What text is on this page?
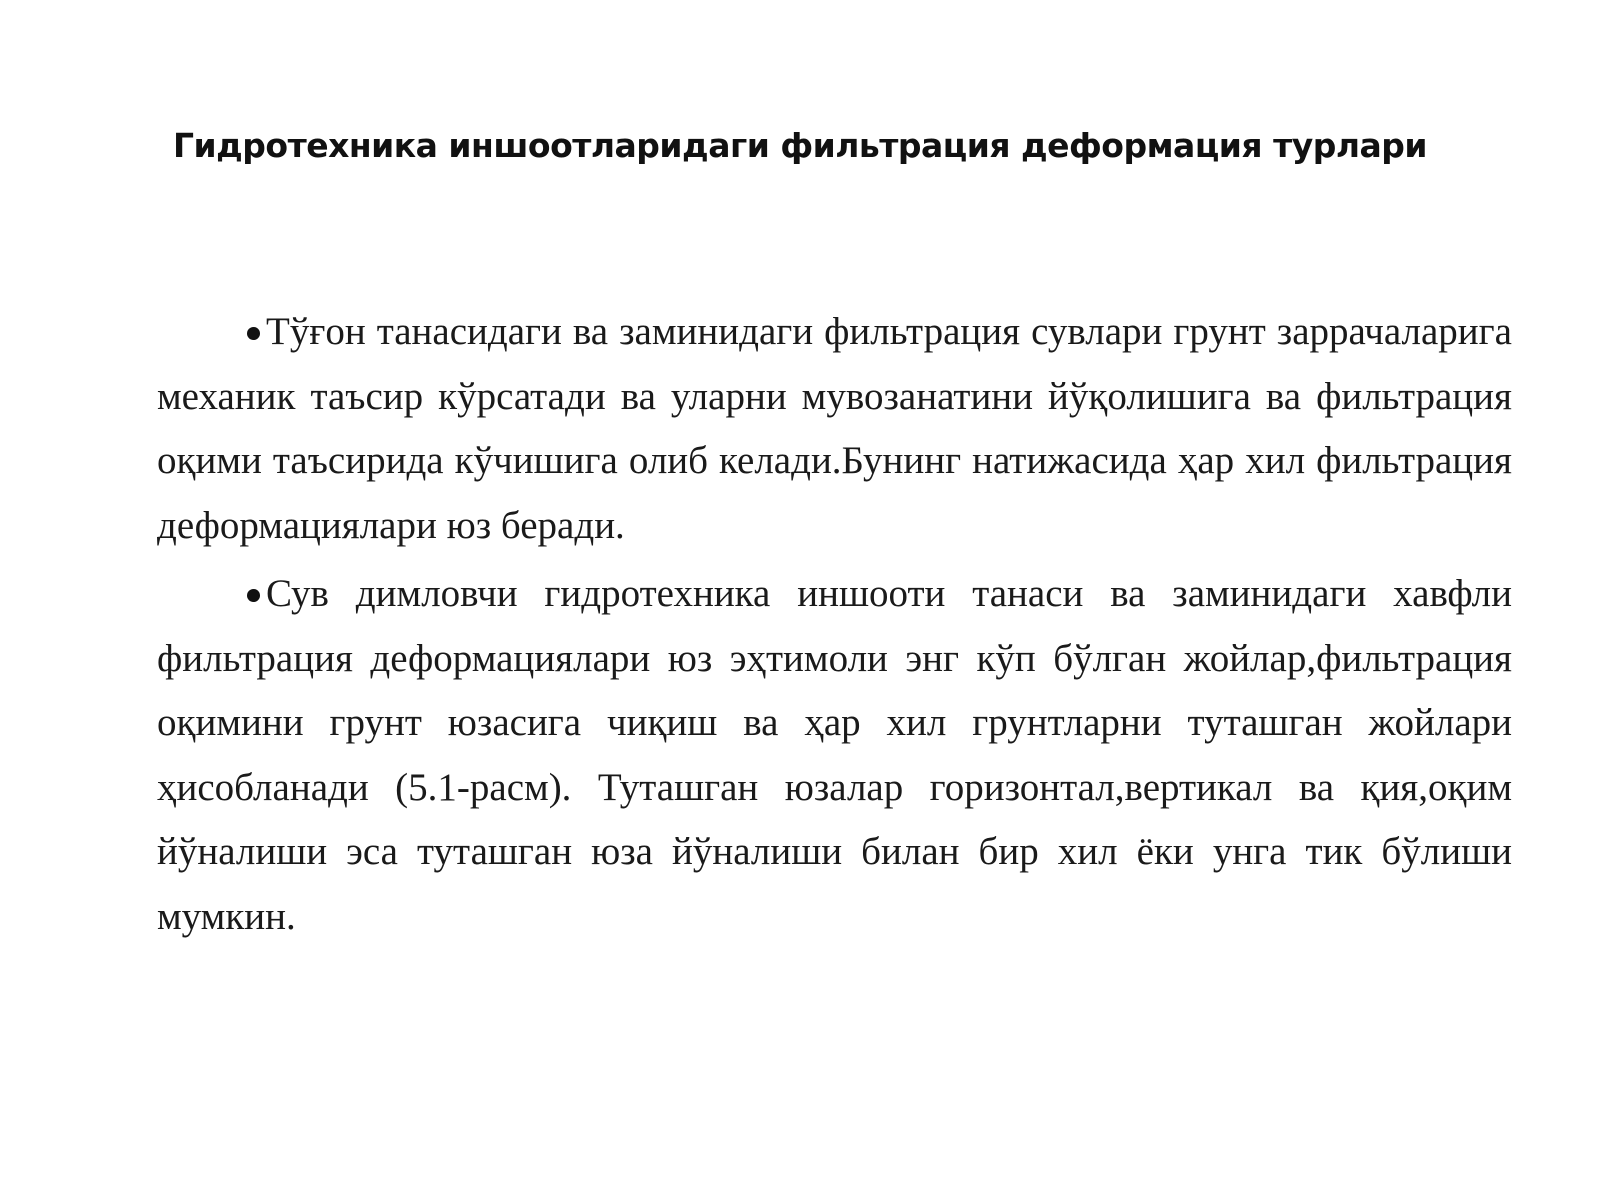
Гидротехника иншоотларидаги фильтрация деформация турлари

Тўғон танасидаги ва заминидаги фильтрация сувлари грунт заррачаларига механик таъсир кўрсатади ва уларни мувозанатини йўқолишига ва фильтрация оқими таъсирида кўчишига олиб келади.Бунинг натижасида ҳар хил фильтрация деформациялари юз беради.

Сув димловчи гидротехника иншооти танаси ва заминидаги хавфли фильтрация деформациялари юз эҳтимоли энг кўп бўлган жойлар,фильтрация оқимини грунт юзасига чиқиш ва ҳар хил грунтларни туташган жойлари ҳисобланади (5.1-расм). Туташган юзалар горизонтал,вертикал ва қия,оқим йўналиши эса туташган юза йўналиши билан бир хил ёки унга тик бўлиши мумкин.
